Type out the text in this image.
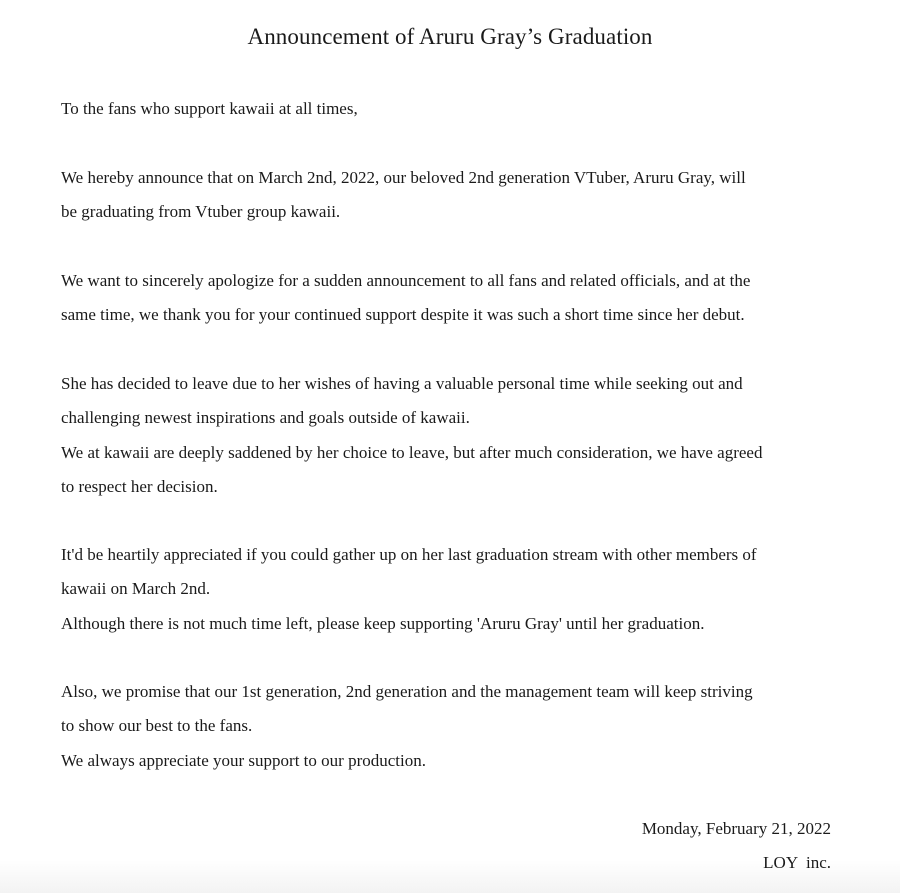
Announcement of Aruru Gray’s Graduation
To the fans who support kawaii at all times,
We hereby announce that on March 2nd, 2022, our beloved 2nd generation VTuber, Aruru Gray, will
be graduating from Vtuber group kawaii.
We want to sincerely apologize for a sudden announcement to all fans and related officials, and at the
same time, we thank you for your continued support despite it was such a short time since her debut.
She has decided to leave due to her wishes of having a valuable personal time while seeking out and
challenging newest inspirations and goals outside of kawaii.
We at kawaii are deeply saddened by her choice to leave, but after much consideration, we have agreed
to respect her decision.
It'd be heartily appreciated if you could gather up on her last graduation stream with other members of
kawaii on March 2nd.
Although there is not much time left, please keep supporting 'Aruru Gray' until her graduation.
Also, we promise that our 1st generation, 2nd generation and the management team will keep striving
to show our best to the fans.
We always appreciate your support to our production.
Monday, February 21, 2022
LOY  inc.
